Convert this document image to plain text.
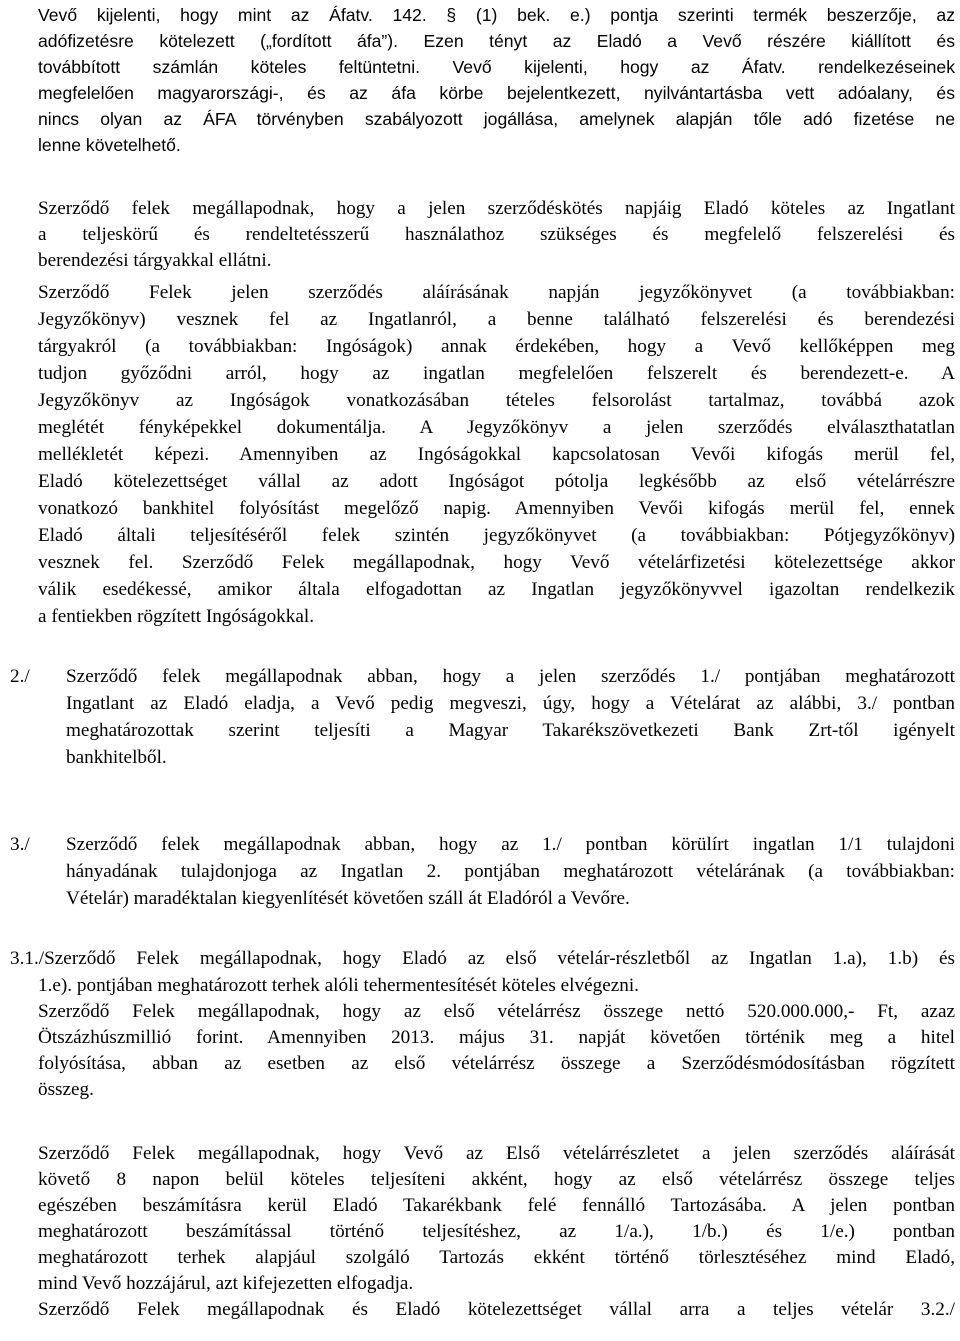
Vevő kijelenti, hogy mint az Áfatv. 142. § (1) bek. e.) pontja szerinti termék beszerzője, az
adófizetésre kötelezett („fordított áfa”). Ezen tényt az Eladó a Vevő részére kiállított és
továbbított számlán köteles feltüntetni. Vevő kijelenti, hogy az Áfatv. rendelkezéseinek
megfelelően magyarországi-, és az áfa körbe bejelentkezett, nyilvántartásba vett adóalany, és
nincs olyan az ÁFA törvényben szabályozott jogállása, amelynek alapján tőle adó fizetése ne
lenne követelhető.
Szerződő felek megállapodnak, hogy a jelen szerződéskötés napjáig Eladó köteles az Ingatlant
a teljeskörű és rendeltetésszerű használathoz szükséges és megfelelő felszerelési és
berendezési tárgyakkal ellátni.
Szerződő Felek jelen szerződés aláírásának napján jegyzőkönyvet (a továbbiakban:
Jegyzőkönyv) vesznek fel az Ingatlanról, a benne található felszerelési és berendezési
tárgyakról (a továbbiakban: Ingóságok) annak érdekében, hogy a Vevő kellőképpen meg
tudjon győződni arról, hogy az ingatlan megfelelően felszerelt és berendezett-e. A
Jegyzőkönyv az Ingóságok vonatkozásában tételes felsorolást tartalmaz, továbbá azok
meglétét fényképekkel dokumentálja. A Jegyzőkönyv a jelen szerződés elválaszthatatlan
mellékletét képezi. Amennyiben az Ingóságokkal kapcsolatosan Vevői kifogás merül fel,
Eladó kötelezettséget vállal az adott Ingóságot pótolja legkésőbb az első vételárrészre
vonatkozó bankhitel folyósítást megelőző napig. Amennyiben Vevői kifogás merül fel, ennek
Eladó általi teljesítéséről felek szintén jegyzőkönyvet (a továbbiakban: Pótjegyzőkönyv)
vesznek fel. Szerződő Felek megállapodnak, hogy Vevő vételárfizetési kötelezettsége akkor
válik esedékessé, amikor általa elfogadottan az Ingatlan jegyzőkönyvvel igazoltan rendelkezik
a fentiekben rögzített Ingóságokkal.
2./	Szerződő felek megállapodnak abban, hogy a jelen szerződés 1./ pontjában meghatározott
Ingatlant az Eladó eladja, a Vevő pedig megveszi, úgy, hogy a Vételárat az alábbi, 3./ pontban
meghatározottak szerint teljesíti a Magyar Takarékszövetkezeti Bank Zrt-től igényelt
bankhitelből.
3./	Szerződő felek megállapodnak abban, hogy az 1./ pontban körülírt ingatlan 1/1 tulajdoni
hányadának tulajdonjoga az Ingatlan 2. pontjában meghatározott vételárának (a továbbiakban:
Vételár) maradéktalan kiegyenlítését követően száll át Eladóról a Vevőre.
3.1./Szerződő Felek megállapodnak, hogy Eladó az első vételár-részletből az Ingatlan 1.a), 1.b) és
1.e). pontjában meghatározott terhek alóli tehermentesítését köteles elvégezni.
Szerződő Felek megállapodnak, hogy az első vételárrész összege nettó 520.000.000,- Ft, azaz
Ötszázhúszmillió forint. Amennyiben 2013. május 31. napját követően történik meg a hitel
folyósítása, abban az esetben az első vételárrész összege a Szerződésmódosításban rögzített
összeg.
Szerződő Felek megállapodnak, hogy Vevő az Első vételárrészletet a jelen szerződés aláírását
követő 8 napon belül köteles teljesíteni akként, hogy az első vételárrész összege teljes
egészében beszámításra kerül Eladó Takarékbank felé fennálló Tartozásába. A jelen pontban
meghatározott beszámítással történő teljesítéshez, az 1/a.), 1/b.) és 1/e.) pontban
meghatározott terhek alapjául szolgáló Tartozás ekként történő törlesztéséhez mind Eladó,
mind Vevő hozzájárul, azt kifejezetten elfogadja.
Szerződő Felek megállapodnak és Eladó kötelezettséget vállal arra a teljes vételár 3.2./
